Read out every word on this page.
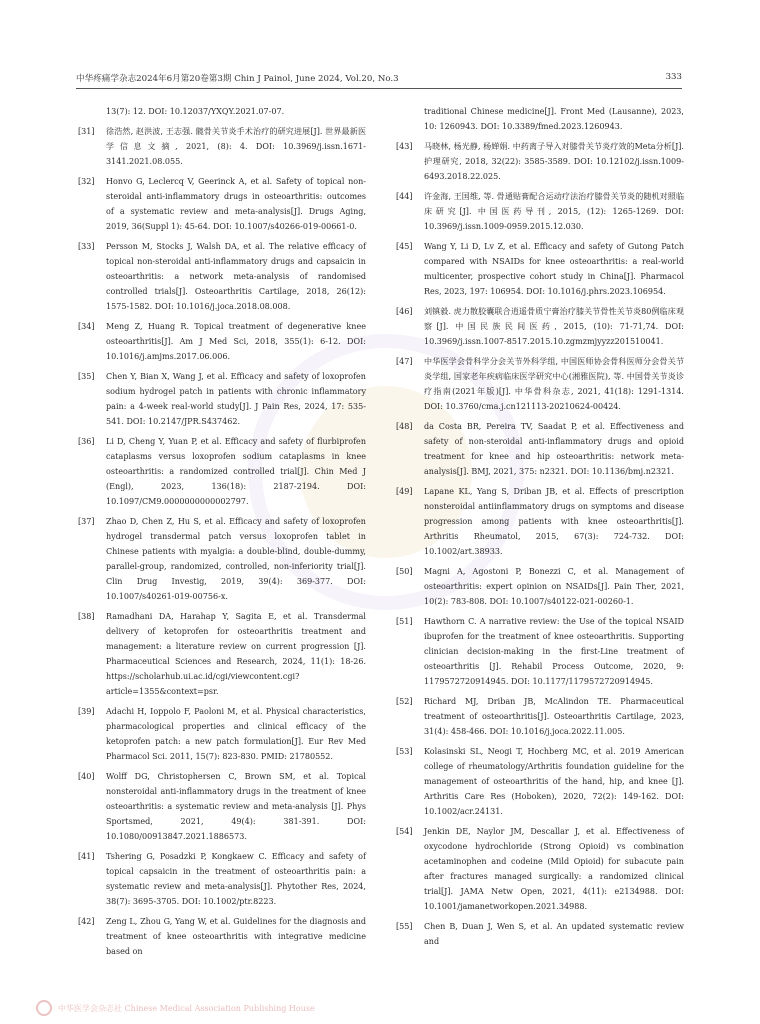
中华疼痛学杂志2024年6月第20卷第3期 Chin J Painol, June 2024, Vol.20, No.3	333
13(7): 12. DOI: 10.12037/YXQY.2021.07-07.
[31] 徐浩然, 赵洪波, 王志强. 髋骨关节炎手术治疗的研究进展[J]. 世界最新医学信息文摘, 2021, (8): 4. DOI: 10.3969/j.issn.1671-3141.2021.08.055.
[32] Honvo G, Leclercq V, Geerinck A, et al. Safety of topical non-steroidal anti-inflammatory drugs in osteoarthritis: outcomes of a systematic review and meta-analysis[J]. Drugs Aging, 2019, 36(Suppl 1): 45-64. DOI: 10.1007/s40266-019-00661-0.
[33] Persson M, Stocks J, Walsh DA, et al. The relative efficacy of topical non-steroidal anti-inflammatory drugs and capsaicin in osteoarthritis: a network meta-analysis of randomised controlled trials[J]. Osteoarthritis Cartilage, 2018, 26(12): 1575-1582. DOI: 10.1016/j.joca.2018.08.008.
[34] Meng Z, Huang R. Topical treatment of degenerative knee osteoarthritis[J]. Am J Med Sci, 2018, 355(1): 6-12. DOI: 10.1016/j.amjms.2017.06.006.
[35] Chen Y, Bian X, Wang J, et al. Efficacy and safety of loxoprofen sodium hydrogel patch in patients with chronic inflammatory pain: a 4-week real-world study[J]. J Pain Res, 2024, 17: 535-541. DOI: 10.2147/JPR.S437462.
[36] Li D, Cheng Y, Yuan P, et al. Efficacy and safety of flurbiprofen cataplasms versus loxoprofen sodium cataplasms in knee osteoarthritis: a randomized controlled trial[J]. Chin Med J (Engl), 2023, 136(18): 2187-2194. DOI: 10.1097/CM9.0000000000002797.
[37] Zhao D, Chen Z, Hu S, et al. Efficacy and safety of loxoprofen hydrogel transdermal patch versus loxoprofen tablet in Chinese patients with myalgia: a double-blind, double-dummy, parallel-group, randomized, controlled, non-inferiority trial[J]. Clin Drug Investig, 2019, 39(4): 369-377. DOI: 10.1007/s40261-019-00756-x.
[38] Ramadhani DA, Harahap Y, Sagita E, et al. Transdermal delivery of ketoprofen for osteoarthritis treatment and management: a literature review on current progression [J]. Pharmaceutical Sciences and Research, 2024, 11(1): 18-26. https://scholarhub.ui.ac.id/cgi/viewcontent.cgi?article=1355&context=psr.
[39] Adachi H, Ioppolo F, Paoloni M, et al. Physical characteristics, pharmacological properties and clinical efficacy of the ketoprofen patch: a new patch formulation[J]. Eur Rev Med Pharmacol Sci. 2011, 15(7): 823-830. PMID: 21780552.
[40] Wolff DG, Christophersen C, Brown SM, et al. Topical nonsteroidal anti-inflammatory drugs in the treatment of knee osteoarthritis: a systematic review and meta-analysis [J]. Phys Sportsmed, 2021, 49(4): 381-391. DOI: 10.1080/00913847.2021.1886573.
[41] Tshering G, Posadzki P, Kongkaew C. Efficacy and safety of topical capsaicin in the treatment of osteoarthritis pain: a systematic review and meta-analysis[J]. Phytother Res, 2024, 38(7): 3695-3705. DOI: 10.1002/ptr.8223.
[42] Zeng L, Zhou G, Yang W, et al. Guidelines for the diagnosis and treatment of knee osteoarthritis with integrative medicine based on
traditional Chinese medicine[J]. Front Med (Lausanne), 2023, 10: 1260943. DOI: 10.3389/fmed.2023.1260943.
[43] 马晓林, 杨光静, 杨婵娟. 中药离子导入对膝骨关节炎疗效的Meta分析[J]. 护理研究, 2018, 32(22): 3585-3589. DOI: 10.12102/j.issn.1009-6493.2018.22.025.
[44] 许金海, 王国维, 等. 骨通贴膏配合运动疗法治疗膝骨关节炎的随机对照临床研究[J]. 中国医药导刊, 2015, (12): 1265-1269. DOI: 10.3969/j.issn.1009-0959.2015.12.030.
[45] Wang Y, Li D, Lv Z, et al. Efficacy and safety of Gutong Patch compared with NSAIDs for knee osteoarthritis: a real-world multicenter, prospective cohort study in China[J]. Pharmacol Res, 2023, 197: 106954. DOI: 10.1016/j.phrs.2023.106954.
[46] 刘镇毅. 虎力散胶囊联合逍遥骨质宁膏治疗膝关节骨性关节炎80例临床观察[J]. 中国民族民间医药, 2015, (10): 71-71,74. DOI: 10.3969/j.issn.1007-8517.2015.10.zgmzmjyyzz201510041.
[47] 中华医学会骨科学分会关节外科学组, 中国医师协会骨科医师分会骨关节炎学组, 国家老年疾病临床医学研究中心(湘雅医院), 等. 中国骨关节炎诊疗指南(2021年版)[J]. 中华骨科杂志, 2021, 41(18): 1291-1314. DOI: 10.3760/cma.j.cn121113-20210624-00424.
[48] da Costa BR, Pereira TV, Saadat P, et al. Effectiveness and safety of non-steroidal anti-inflammatory drugs and opioid treatment for knee and hip osteoarthritis: network meta-analysis[J]. BMJ, 2021, 375: n2321. DOI: 10.1136/bmj.n2321.
[49] Lapane KL, Yang S, Driban JB, et al. Effects of prescription nonsteroidal antiinflammatory drugs on symptoms and disease progression among patients with knee osteoarthritis[J]. Arthritis Rheumatol, 2015, 67(3): 724-732. DOI: 10.1002/art.38933.
[50] Magni A, Agostoni P, Bonezzi C, et al. Management of osteoarthritis: expert opinion on NSAIDs[J]. Pain Ther, 2021, 10(2): 783-808. DOI: 10.1007/s40122-021-00260-1.
[51] Hawthorn C. A narrative review: the Use of the topical NSAID ibuprofen for the treatment of knee osteoarthritis. Supporting clinician decision-making in the first-Line treatment of osteoarthritis [J]. Rehabil Process Outcome, 2020, 9: 1179572720914945. DOI: 10.1177/1179572720914945.
[52] Richard MJ, Driban JB, McAlindon TE. Pharmaceutical treatment of osteoarthritis[J]. Osteoarthritis Cartilage, 2023, 31(4): 458-466. DOI: 10.1016/j.joca.2022.11.005.
[53] Kolasinski SL, Neogi T, Hochberg MC, et al. 2019 American college of rheumatology/Arthritis foundation guideline for the management of osteoarthritis of the hand, hip, and knee [J]. Arthritis Care Res (Hoboken), 2020, 72(2): 149-162. DOI: 10.1002/acr.24131.
[54] Jenkin DE, Naylor JM, Descallar J, et al. Effectiveness of oxycodone hydrochloride (Strong Opioid) vs combination acetaminophen and codeine (Mild Opioid) for subacute pain after fractures managed surgically: a randomized clinical trial[J]. JAMA Netw Open, 2021, 4(11): e2134988. DOI: 10.1001/jamanetworkopen.2021.34988.
[55] Chen B, Duan J, Wen S, et al. An updated systematic review and
中华医学会杂志社 Chinese Medical Association Publishing House
